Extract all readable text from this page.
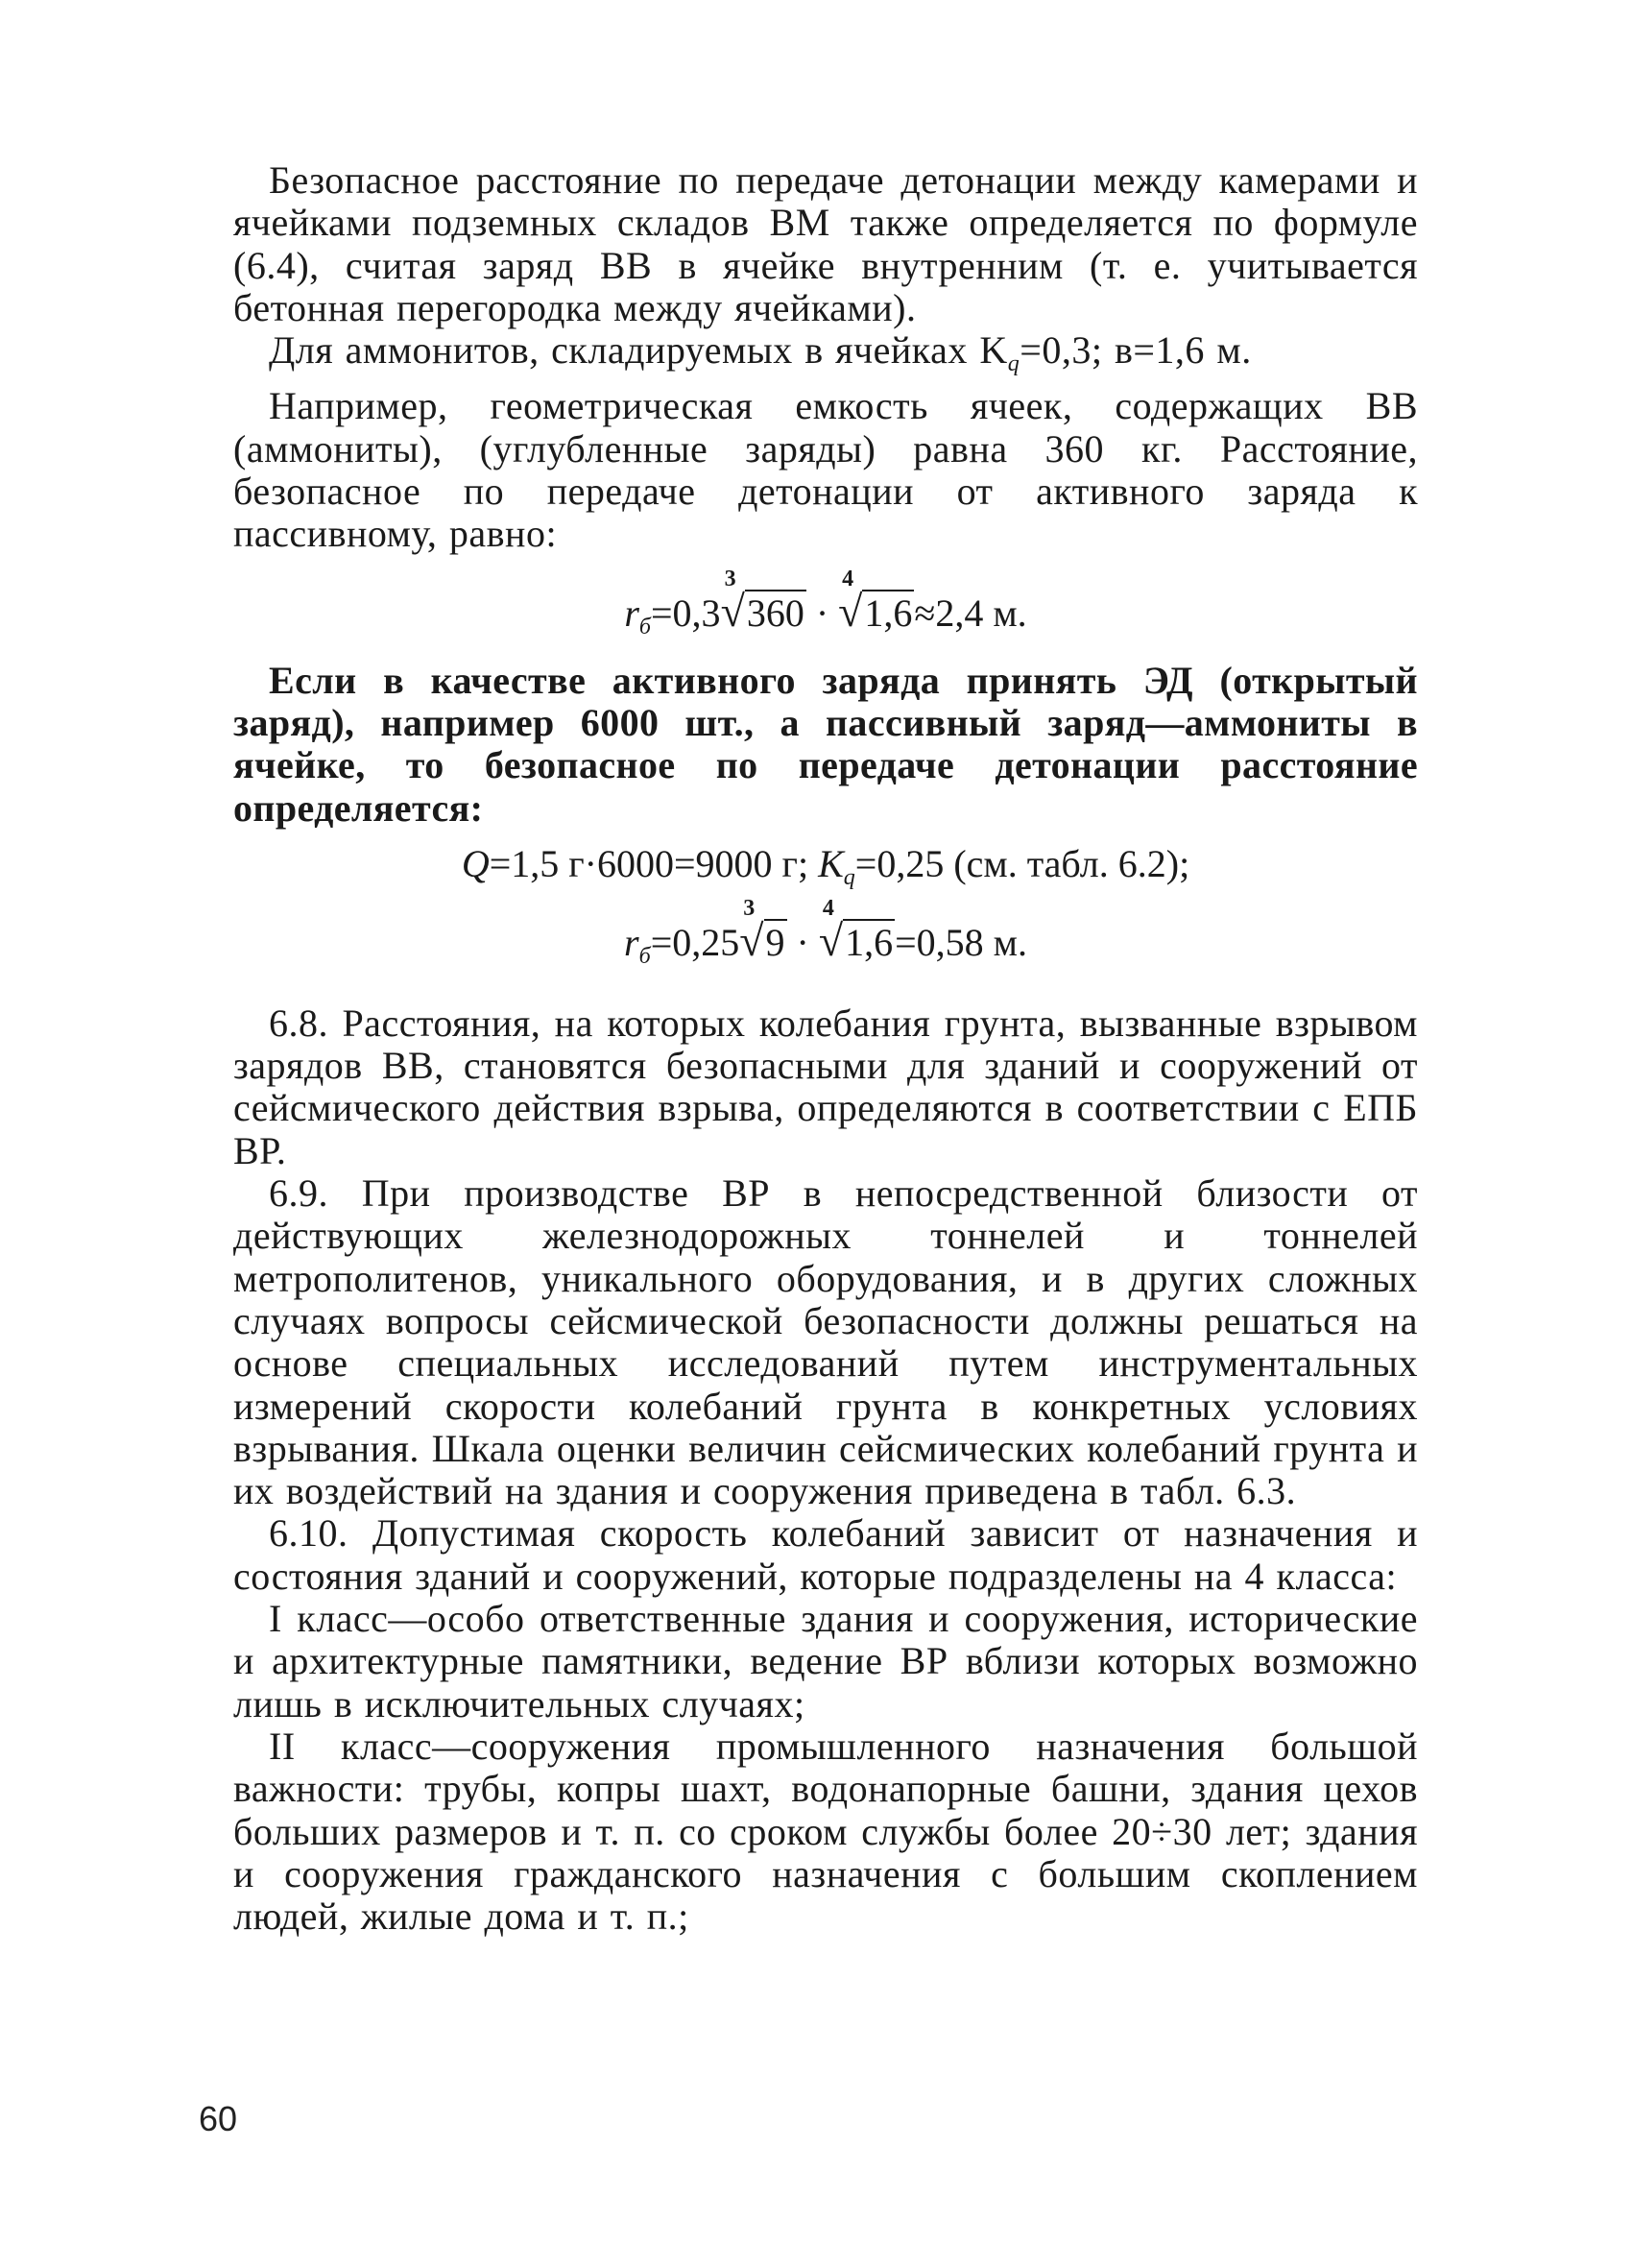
Безопасное расстояние по передаче детонации между камерами и ячейками подземных складов ВМ также определяется по формуле (6.4), считая заряд ВВ в ячейке внутренним (т. е. учитывается бетонная перегородка между ячейками).

Для аммонитов, складируемых в ячейках $K_q=0,3$; в=1,6 м.

Например, геометрическая емкость ячеек, содержащих ВВ (аммониты), (углубленные заряды) равна 360 кг. Расстояние, безопасное по передаче детонации от активного заряда к пассивному, равно:

$r_б=0,3$
3
√360 ·
4
√1,6≈2,4 м.

Если в качестве активного заряда принять ЭД (открытый заряд), например 6000 шт., а пассивный заряд—аммониты в ячейке, то безопасное по передаче детонации расстояние определяется:

Q=1,5 г·6000=9000 г; $K_q=0,25$ (см. табл. 6.2);
$r_б=0,25$
3
√9 ·
4
√1,6=0,58 м.

6.8. Расстояния, на которых колебания грунта, вызванные взрывом зарядов ВВ, становятся безопасными для зданий и сооружений от сейсмического действия взрыва, определяются в соответствии с ЕПБ ВР.

6.9. При производстве ВР в непосредственной близости от действующих железнодорожных тоннелей и тоннелей метрополитенов, уникального оборудования, и в других сложных случаях вопросы сейсмической безопасности должны решаться на основе специальных исследований путем инструментальных измерений скорости колебаний грунта в конкретных условиях взрывания. Шкала оценки величин сейсмических колебаний грунта и их воздействий на здания и сооружения приведена в табл. 6.3.

6.10. Допустимая скорость колебаний зависит от назначения и состояния зданий и сооружений, которые подразделены на 4 класса:

I класс—особо ответственные здания и сооружения, исторические и архитектурные памятники, ведение ВР вблизи которых возможно лишь в исключительных случаях;

II класс—сооружения промышленного назначения большой важности: трубы, копры шахт, водонапорные башни, здания цехов больших размеров и т. п. со сроком службы более 20÷30 лет; здания и сооружения гражданского назначения с большим скоплением людей, жилые дома и т. п.;

60
